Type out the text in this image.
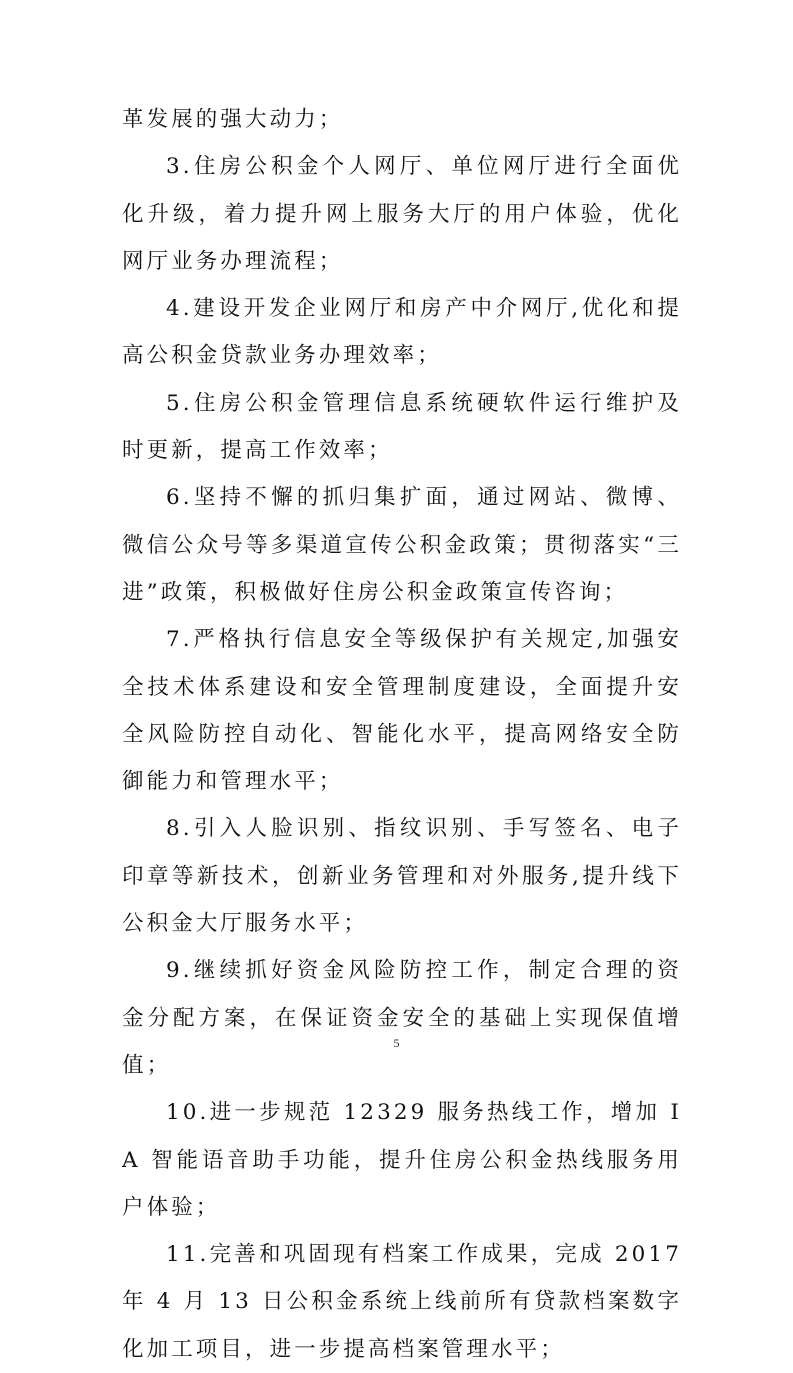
革发展的强大动力；

3.住房公积金个人网厅、单位网厅进行全面优化升级，着力提升网上服务大厅的用户体验，优化网厅业务办理流程；

4.建设开发企业网厅和房产中介网厅,优化和提高公积金贷款业务办理效率；

5.住房公积金管理信息系统硬软件运行维护及时更新，提高工作效率；

6.坚持不懈的抓归集扩面，通过网站、微博、微信公众号等多渠道宣传公积金政策；贯彻落实“三进”政策，积极做好住房公积金政策宣传咨询；

7.严格执行信息安全等级保护有关规定,加强安全技术体系建设和安全管理制度建设，全面提升安全风险防控自动化、智能化水平，提高网络安全防御能力和管理水平；

8.引入人脸识别、指纹识别、手写签名、电子印章等新技术，创新业务管理和对外服务,提升线下公积金大厅服务水平；

9.继续抓好资金风险防控工作，制定合理的资金分配方案，在保证资金安全的基础上实现保值增值；

10.进一步规范 12329 服务热线工作，增加 IA 智能语音助手功能，提升住房公积金热线服务用户体验；

11.完善和巩固现有档案工作成果，完成 2017 年 4 月 13 日公积金系统上线前所有贷款档案数字化加工项目，进一步提高档案管理水平；

5
